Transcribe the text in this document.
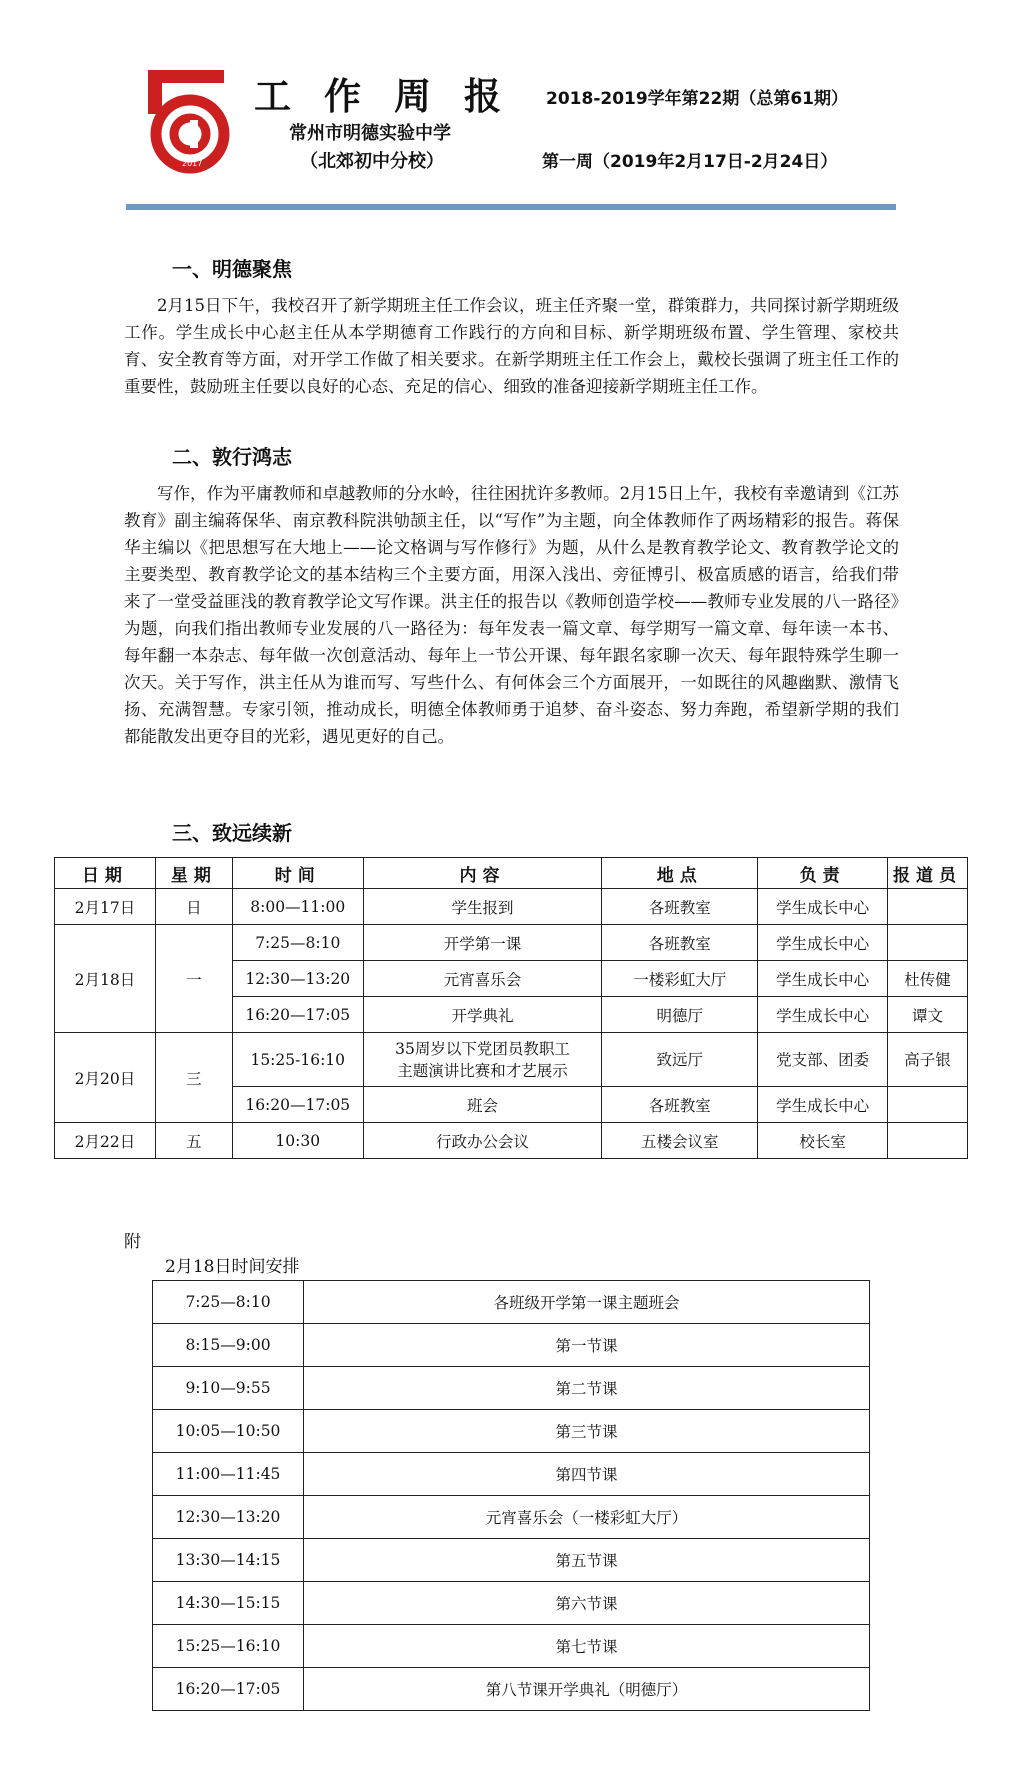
2017
工作周报 2018-2019学年第22期（总第61期）
常州市明德实验中学
（北郊初中分校）	第一周（2019年2月17日-2月24日）
一、明德聚焦

2月15日下午，我校召开了新学期班主任工作会议，班主任齐聚一堂，群策群力，共同探讨新学期班级工作。学生成长中心赵主任从本学期德育工作践行的方向和目标、新学期班级布置、学生管理、家校共育、安全教育等方面，对开学工作做了相关要求。在新学期班主任工作会上，戴校长强调了班主任工作的重要性，鼓励班主任要以良好的心态、充足的信心、细致的准备迎接新学期班主任工作。

二、敦行鸿志

写作，作为平庸教师和卓越教师的分水岭，往往困扰许多教师。2月15日上午，我校有幸邀请到《江苏教育》副主编蒋保华、南京教科院洪劬颉主任，以“写作”为主题，向全体教师作了两场精彩的报告。蒋保华主编以《把思想写在大地上——论文格调与写作修行》为题，从什么是教育教学论文、教育教学论文的主要类型、教育教学论文的基本结构三个主要方面，用深入浅出、旁征博引、极富质感的语言，给我们带来了一堂受益匪浅的教育教学论文写作课。洪主任的报告以《教师创造学校——教师专业发展的八一路径》为题，向我们指出教师专业发展的八一路径为：每年发表一篇文章、每学期写一篇文章、每年读一本书、每年翻一本杂志、每年做一次创意活动、每年上一节公开课、每年跟名家聊一次天、每年跟特殊学生聊一次天。关于写作，洪主任从为谁而写、写些什么、有何体会三个方面展开，一如既往的风趣幽默、激情飞扬、充满智慧。专家引领，推动成长，明德全体教师勇于追梦、奋斗姿态、努力奔跑，希望新学期的我们都能散发出更夺目的光彩，遇见更好的自己。

三、致远续新
日期	星期	时间	内容	地点	负责	报道员
2月17日	日	8:00—11:00	学生报到	各班教室	学生成长中心	
2月18日	一	7:25—8:10	开学第一课	各班教室	学生成长中心	
		12:30—13:20	元宵喜乐会	一楼彩虹大厅	学生成长中心	杜传健
		16:20—17:05	开学典礼	明德厅	学生成长中心	谭文
2月20日	三	15:25-16:10	35周岁以下党团员教职工
主题演讲比赛和才艺展示	致远厅	党支部、团委	高子银
		16:20—17:05	班会	各班教室	学生成长中心	
2月22日	五	10:30	行政办公会议	五楼会议室	校长室	
附
2月18日时间安排
7:25—8:10	各班级开学第一课主题班会
8:15—9:00	第一节课
9:10—9:55	第二节课
10:05—10:50	第三节课
11:00—11:45	第四节课
12:30—13:20	元宵喜乐会（一楼彩虹大厅）
13:30—14:15	第五节课
14:30—15:15	第六节课
15:25—16:10	第七节课
16:20—17:05	第八节课开学典礼（明德厅）
